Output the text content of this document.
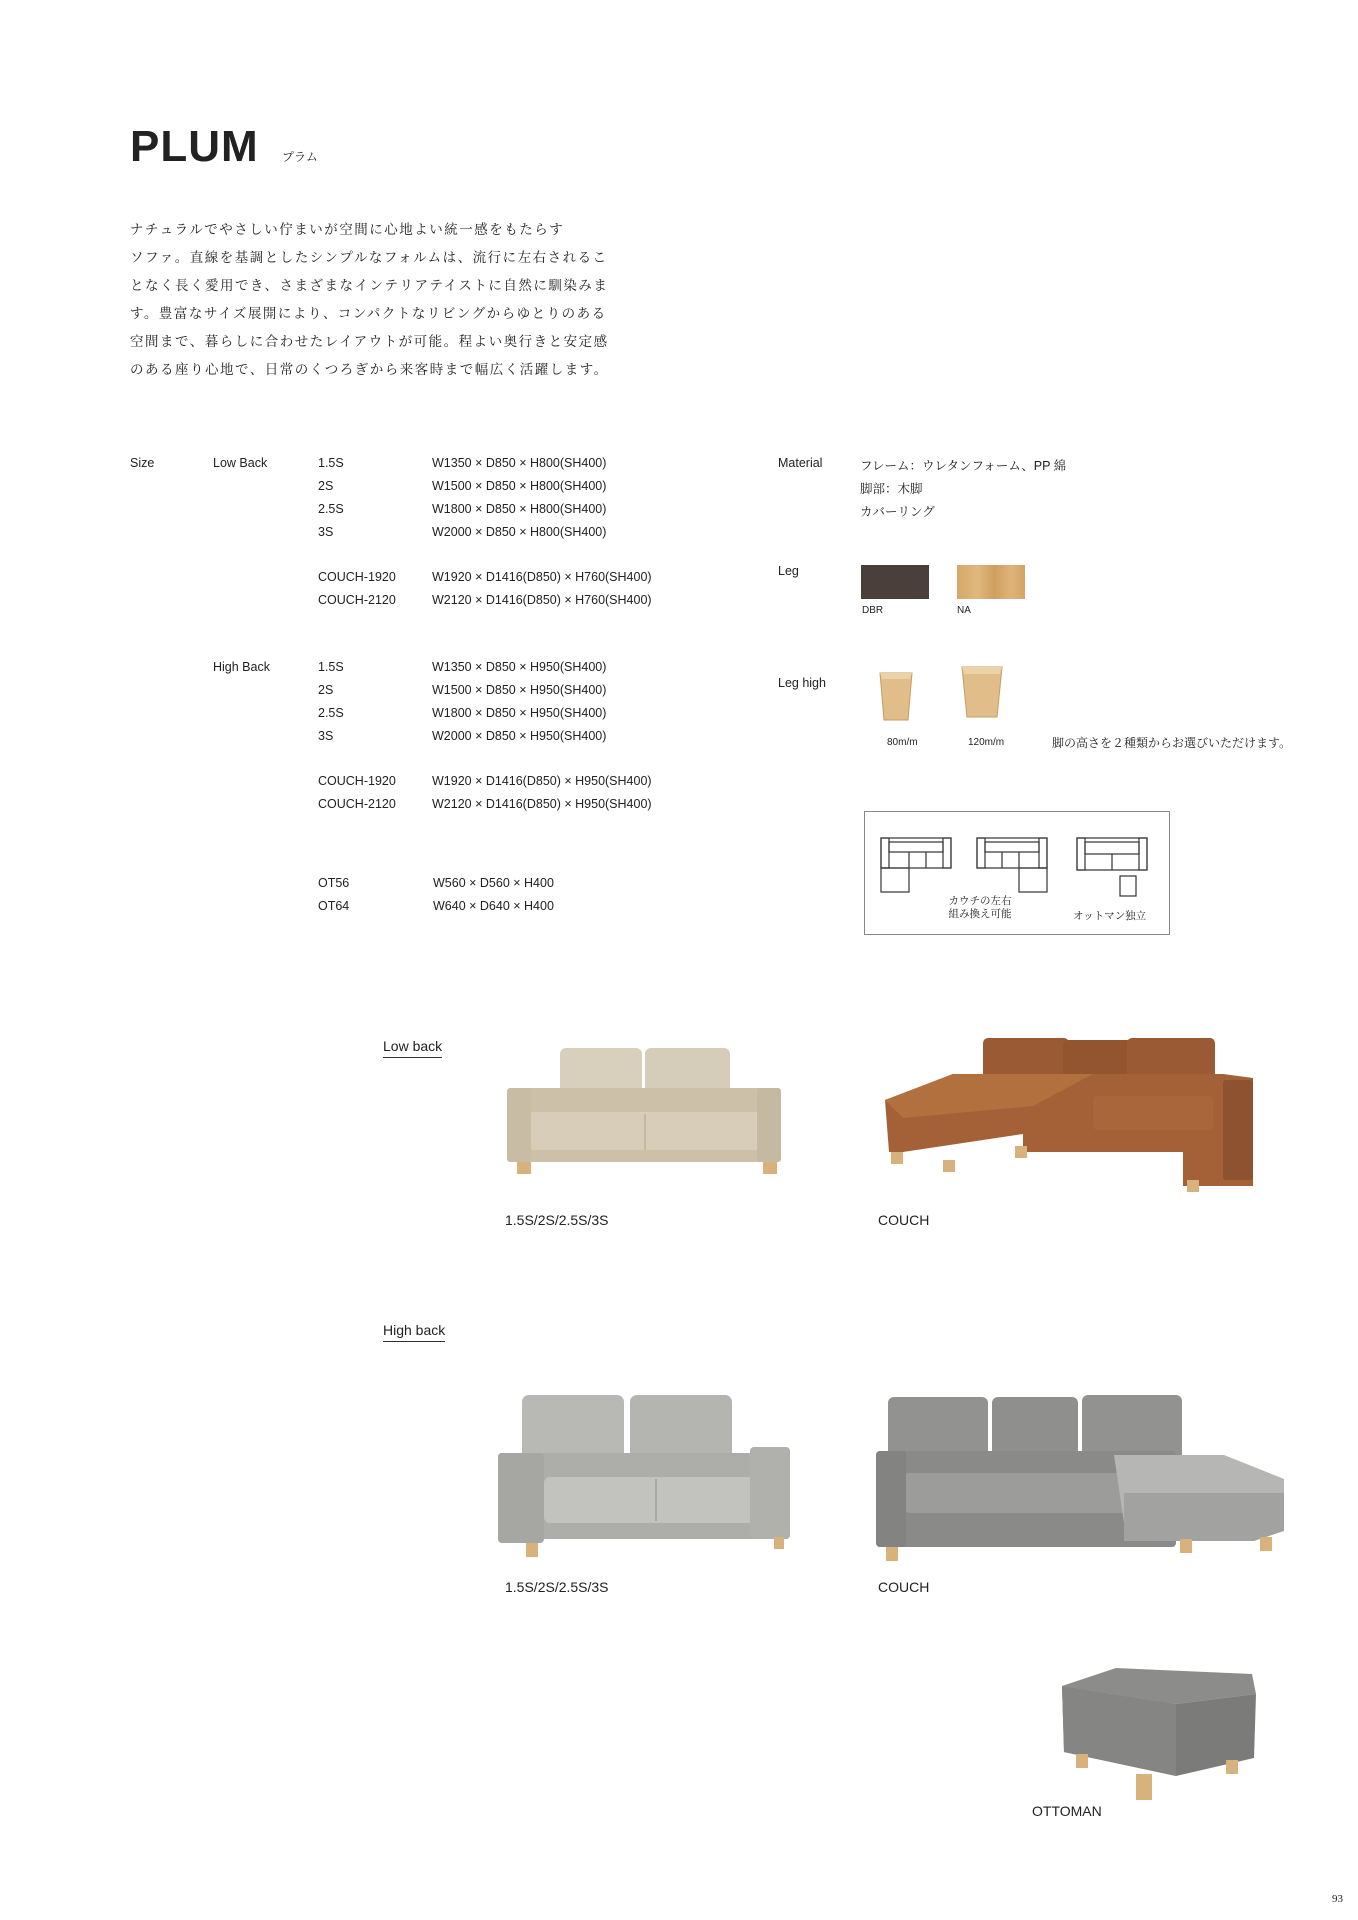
PLUM プラム
ナチュラルでやさしい佇まいが空間に心地よい統一感をもたらす
ソファ。直線を基調としたシンプルなフォルムは、流行に左右されるこ
となく長く愛用でき、さまざまなインテリアテイストに自然に馴染みま
す。豊富なサイズ展開により、コンパクトなリビングからゆとりのある
空間まで、暮らしに合わせたレイアウトが可能。程よい奥行きと安定感
のある座り心地で、日常のくつろぎから来客時まで幅広く活躍します。
Size	Low Back	1.5S	W1350 × D850 × H800(SH400)
2S	W1500 × D850 × H800(SH400)
2.5S	W1800 × D850 × H800(SH400)
3S	W2000 × D850 × H800(SH400)
COUCH-1920	W1920 × D1416(D850) × H760(SH400)
COUCH-2120	W2120 × D1416(D850) × H760(SH400)
High Back	1.5S	W1350 × D850 × H950(SH400)
2S	W1500 × D850 × H950(SH400)
2.5S	W1800 × D850 × H950(SH400)
3S	W2000 × D850 × H950(SH400)
COUCH-1920	W1920 × D1416(D850) × H950(SH400)
COUCH-2120	W2120 × D1416(D850) × H950(SH400)
OT56	W560 × D560 × H400
OT64	W640 × D640 × H400
Material	フレーム：ウレタンフォーム、PP 綿
脚部：木脚
カバーリング
Leg
DBR	NA
Leg high
80m/m	120m/m	脚の高さを２種類からお選びいただけます。
カウチの左右
組み換え可能	オットマン独立
Low back
1.5S/2S/2.5S/3S	COUCH
High back
1.5S/2S/2.5S/3S	COUCH
OTTOMAN
93
